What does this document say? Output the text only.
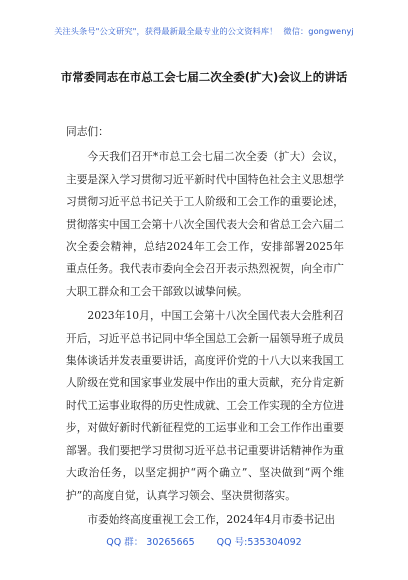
关注头条号"公文研究"，获得最新最全最专业的公文资料库！ 微信：gongwenyj
市常委同志在市总工会七届二次全委(扩大)会议上的讲话

同志们：

今天我们召开*市总工会七届二次全委（扩大）会议，主要是深入学习贯彻习近平新时代中国特色社会主义思想学习贯彻习近平总书记关于工人阶级和工会工作的重要论述，贯彻落实中国工会第十八次全国代表大会和省总工会六届二次全委会精神，总结2024年工会工作，安排部署2025年重点任务。我代表市委向全会召开表示热烈祝贺，向全市广大职工群众和工会干部致以诚挚问候。

2023年10月，中国工会第十八次全国代表大会胜利召开后，习近平总书记同中华全国总工会新一届领导班子成员集体谈话并发表重要讲话，高度评价党的十八大以来我国工人阶级在党和国家事业发展中作出的重大贡献，充分肯定新时代工运事业取得的历史性成就、工会工作实现的全方位进步，对做好新时代新征程党的工运事业和工会工作作出重要部署。我们要把学习贯彻习近平总书记重要讲话精神作为重大政治任务，以坚定拥护“两个确立”、坚决做到“两个维护”的高度自觉，认真学习领会、坚决贯彻落实。

市委始终高度重视工会工作，2024年4月市委书记出

QQ 群： 30265665 QQ 号:535304092
